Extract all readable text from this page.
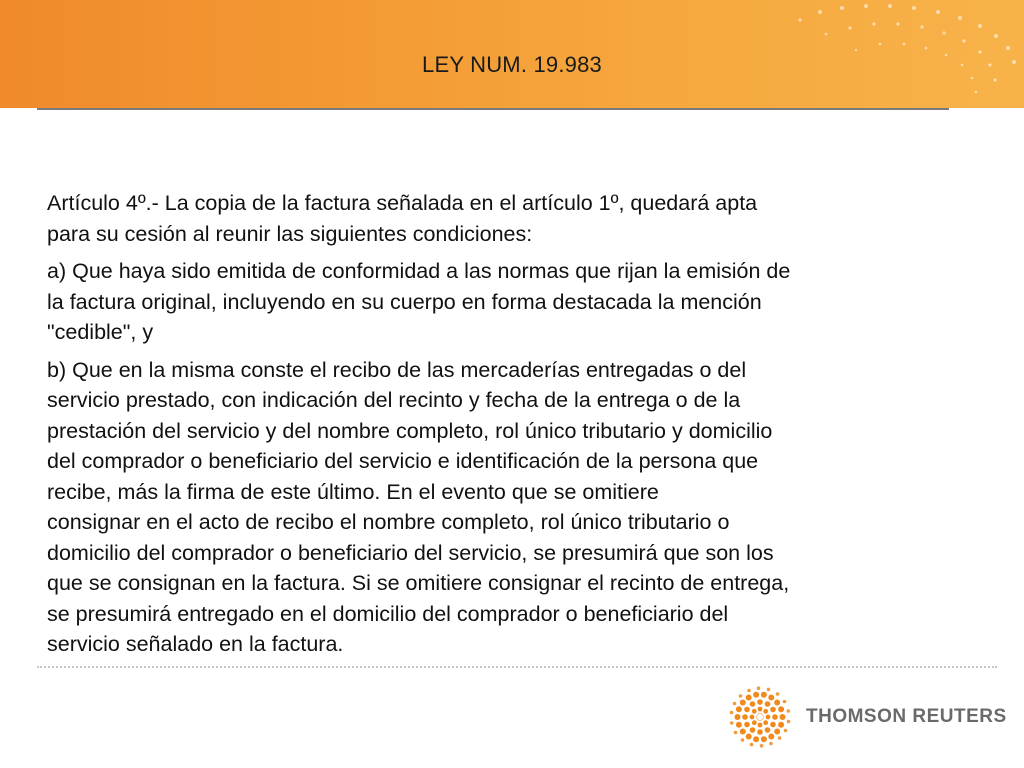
LEY NUM. 19.983

Artículo 4º.- La copia de la factura señalada en el artículo 1º, quedará apta
para su cesión al reunir las siguientes condiciones:

a) Que haya sido emitida de conformidad a las normas que rijan la emisión de
la factura original, incluyendo en su cuerpo en forma destacada la mención
"cedible", y

b) Que en la misma conste el recibo de las mercaderías entregadas o del
servicio prestado, con indicación del recinto y fecha de la entrega o de la
prestación del servicio y del nombre completo, rol único tributario y domicilio
del comprador o beneficiario del servicio e identificación de la persona que
recibe, más la firma de este último. En el evento que se omitiere
consignar en el acto de recibo el nombre completo, rol único tributario o
domicilio del comprador o beneficiario del servicio, se presumirá que son los
que se consignan en la factura. Si se omitiere consignar el recinto de entrega,
se presumirá entregado en el domicilio del comprador o beneficiario del
servicio señalado en la factura.

THOMSON REUTERS
